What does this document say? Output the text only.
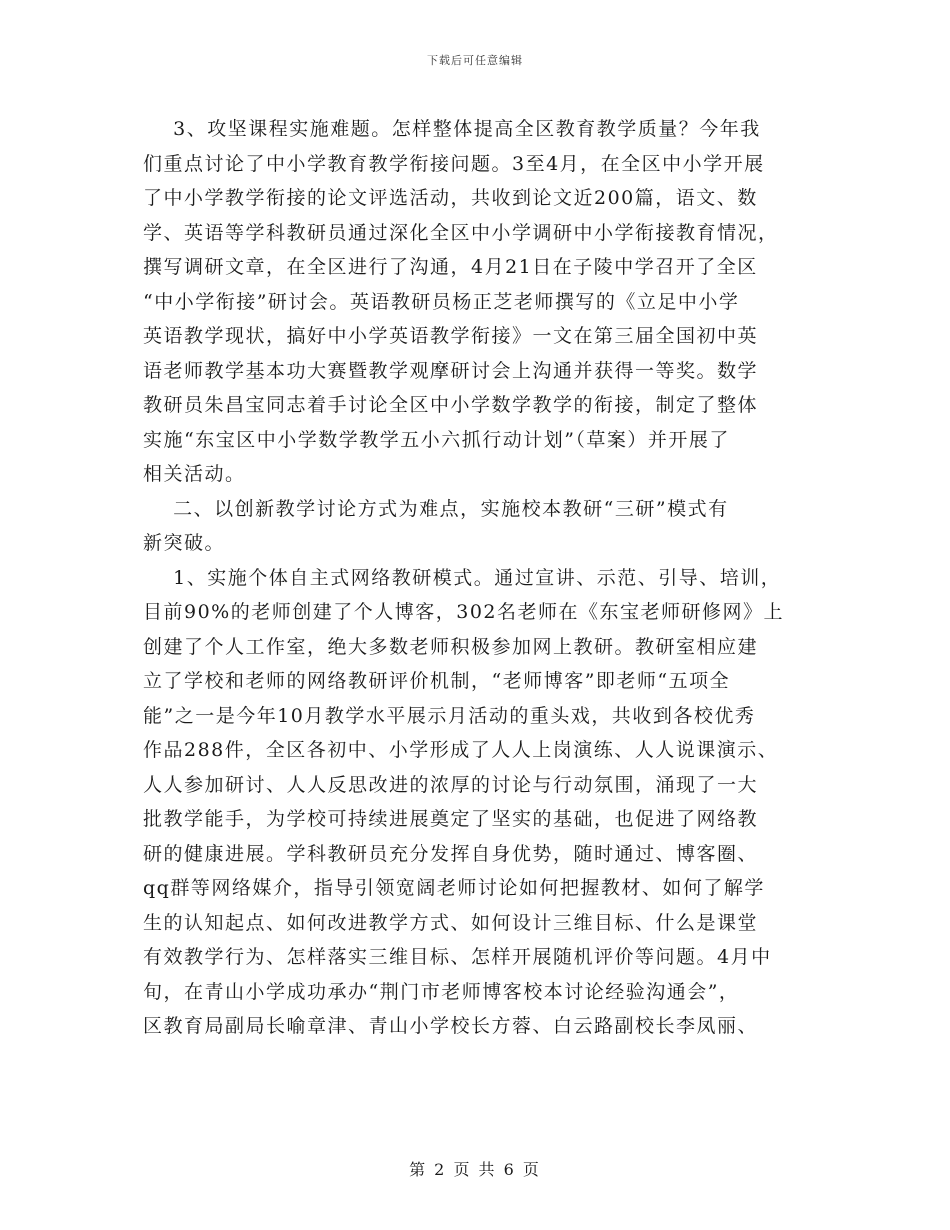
下载后可任意编辑
3、攻坚课程实施难题。怎样整体提高全区教育教学质量？今年我
们重点讨论了中小学教育教学衔接问题。3至4月，在全区中小学开展
了中小学教学衔接的论文评选活动，共收到论文近200篇，语文、数
学、英语等学科教研员通过深化全区中小学调研中小学衔接教育情况，
撰写调研文章，在全区进行了沟通，4月21日在子陵中学召开了全区
“中小学衔接”研讨会。英语教研员杨正芝老师撰写的《立足中小学
英语教学现状，搞好中小学英语教学衔接》一文在第三届全国初中英
语老师教学基本功大赛暨教学观摩研讨会上沟通并获得一等奖。数学
教研员朱昌宝同志着手讨论全区中小学数学教学的衔接，制定了整体
实施“东宝区中小学数学教学五小六抓行动计划”（草案）并开展了
相关活动。
二、以创新教学讨论方式为难点，实施校本教研“三研”模式有
新突破。
1、实施个体自主式网络教研模式。通过宣讲、示范、引导、培训，
目前90%的老师创建了个人博客，302名老师在《东宝老师研修网》上
创建了个人工作室，绝大多数老师积极参加网上教研。教研室相应建
立了学校和老师的网络教研评价机制，“老师博客”即老师“五项全
能”之一是今年10月教学水平展示月活动的重头戏，共收到各校优秀
作品288件，全区各初中、小学形成了人人上岗演练、人人说课演示、
人人参加研讨、人人反思改进的浓厚的讨论与行动氛围，涌现了一大
批教学能手，为学校可持续进展奠定了坚实的基础，也促进了网络教
研的健康进展。学科教研员充分发挥自身优势，随时通过、博客圈、
qq群等网络媒介，指导引领宽阔老师讨论如何把握教材、如何了解学
生的认知起点、如何改进教学方式、如何设计三维目标、什么是课堂
有效教学行为、怎样落实三维目标、怎样开展随机评价等问题。4月中
旬，在青山小学成功承办“荆门市老师博客校本讨论经验沟通会”，
区教育局副局长喻章津、青山小学校长方蓉、白云路副校长李凤丽、
第 2 页 共 6 页
